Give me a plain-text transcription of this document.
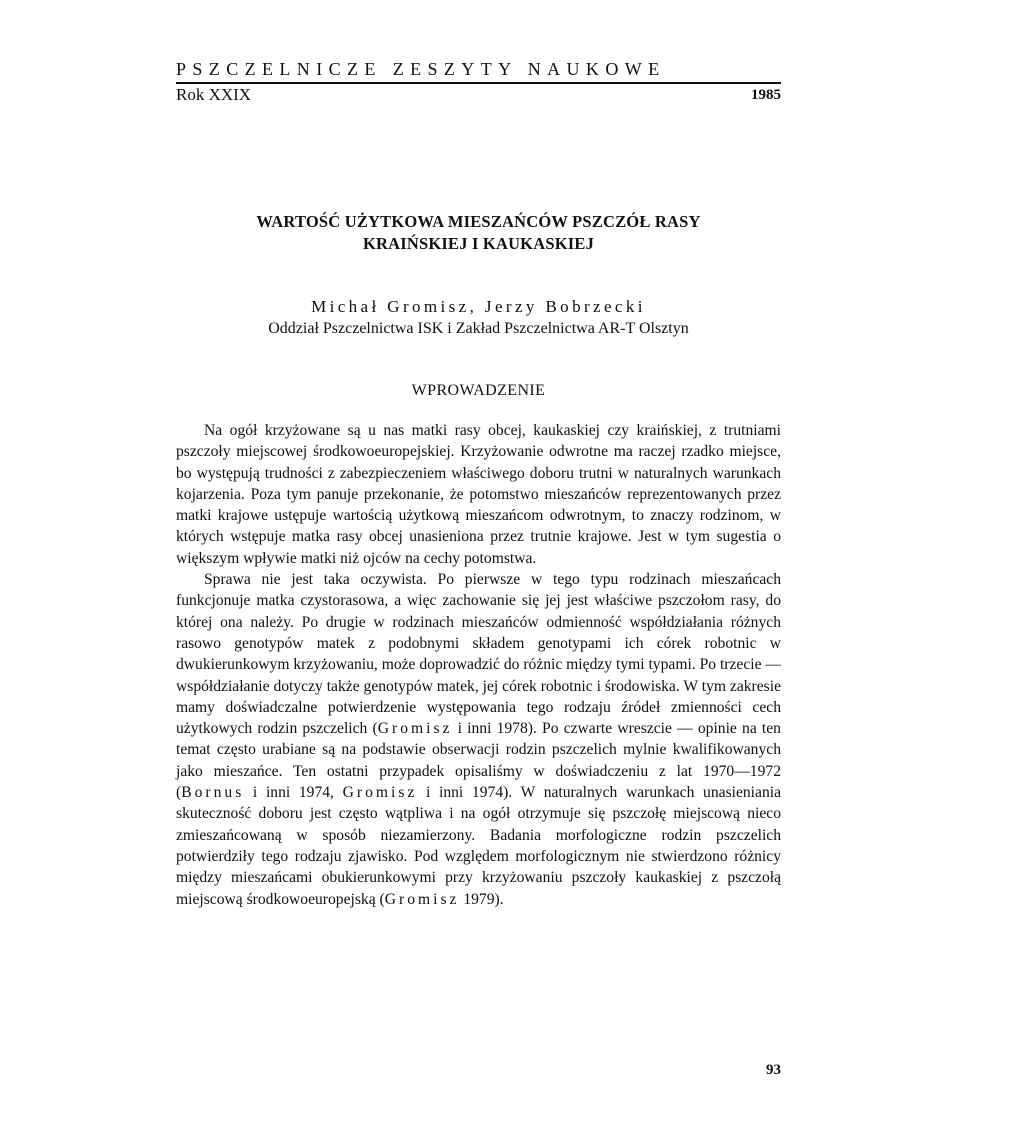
PSZCZELNICZE ZESZYTY NAUKOWE
Rok XXIX	1985
WARTOŚĆ UŻYTKOWA MIESZAŃCÓW PSZCZÓŁ RASY
KRAIŃSKIEJ I KAUKASKIEJ
Michał Gromisz, Jerzy Bobrzecki
Oddział Pszczelnictwa ISK i Zakład Pszczelnictwa AR-T Olsztyn
WPROWADZENIE

Na ogół krzyżowane są u nas matki rasy obcej, kaukaskiej czy kraińskiej, z trutniami pszczoły miejscowej środkowoeuropejskiej. Krzyżowanie odwrotne ma raczej rzadko miejsce, bo występują trudności z zabezpieczeniem właściwego doboru trutni w naturalnych warunkach kojarzenia. Poza tym panuje przekonanie, że potomstwo mieszańców reprezentowanych przez matki krajowe ustępuje wartością użytkową mieszańcom odwrotnym, to znaczy rodzinom, w których wstępuje matka rasy obcej unasieniona przez trutnie krajowe. Jest w tym sugestia o większym wpływie matki niż ojców na cechy potomstwa.

Sprawa nie jest taka oczywista. Po pierwsze w tego typu rodzinach mieszańcach funkcjonuje matka czystorasowa, a więc zachowanie się jej jest właściwe pszczołom rasy, do której ona należy. Po drugie w rodzinach mieszańców odmienność współdziałania różnych rasowo genotypów matek z podobnymi składem genotypami ich córek robotnic w dwukierunkowym krzyżowaniu, może doprowadzić do różnic między tymi typami. Po trzecie — współdziałanie dotyczy także genotypów matek, jej córek robotnic i środowiska. W tym zakresie mamy doświadczalne potwierdzenie występowania tego rodzaju źródeł zmienności cech użytkowych rodzin pszczelich (Gromisz i inni 1978). Po czwarte wreszcie — opinie na ten temat często urabiane są na podstawie obserwacji rodzin pszczelich mylnie kwalifikowanych jako mieszańce. Ten ostatni przypadek opisaliśmy w doświadczeniu z lat 1970—1972 (Bornus i inni 1974, Gromisz i inni 1974). W naturalnych warunkach unasieniania skuteczność doboru jest często wątpliwa i na ogół otrzymuje się pszczołę miejscową nieco zmieszańcowaną w sposób niezamierzony. Badania morfologiczne rodzin pszczelich potwierdziły tego rodzaju zjawisko. Pod względem morfologicznym nie stwierdzono różnicy między mieszańcami obukierunkowymi przy krzyżowaniu pszczoły kaukaskiej z pszczołą miejscową środkowoeuropejską (Gromisz 1979).

93
